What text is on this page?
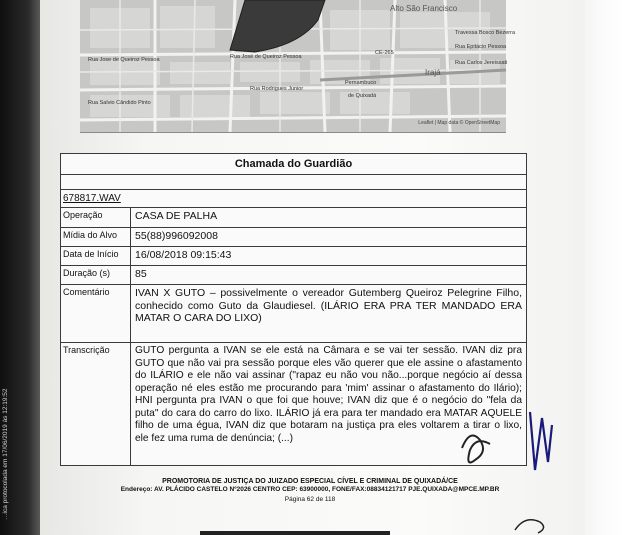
…ica protocolada em 17/06/2019 às 12:19:52
Alto São Francisco
Irajá
Rua Jose de Queiroz Pessoa	Rua José de Queiroz Pessoa
Rua Rodrigues Junior
Rua Salvio Cândido Pinto
Rua Epitácio Pessoa
Rua Carlos Jereissati
CE-265
Travessa Bosco Bezerra
Pernambuco
de Quixadá
Leaflet | Map data © OpenStreetMap
Chamada do Guardião
678817.WAV
Operação	CASA DE PALHA
Mídia do Alvo	55(88)996092008
Data de Início	16/08/2018 09:15:43
Duração (s)	85
Comentário	IVAN X GUTO – possivelmente o vereador Gutemberg Queiroz Pelegrine Filho, conhecido como Guto da Glaudiesel. (ILÁRIO ERA PRA TER MANDADO ERA MATAR O CARA DO LIXO)
Transcrição	GUTO pergunta a IVAN se ele está na Câmara e se vai ter sessão. IVAN diz pra GUTO que não vai pra sessão porque eles vão querer que ele assine o afastamento do ILÁRIO e ele não vai assinar ("rapaz eu não vou não...porque negócio aí dessa operação né eles estão me procurando para 'mim' assinar o afastamento do Ilário); HNI pergunta pra IVAN o que foi que houve; IVAN diz que é o negócio do "fela da puta" do cara do carro do lixo. ILÁRIO já era para ter mandado era MATAR AQUELE filho de uma égua, IVAN diz que botaram na justiça pra eles voltarem a tirar o lixo, ele fez uma ruma de denúncia; (...)
PROMOTORIA DE JUSTIÇA DO JUIZADO ESPECIAL CÍVEL E CRIMINAL DE QUIXADÁ/CE
Endereço: AV. PLÁCIDO CASTELO Nº2026 CENTRO CEP: 63900000, FONE/FAX:08834121717 PJE.QUIXADA@MPCE.MP.BR
Página 62 de 118
